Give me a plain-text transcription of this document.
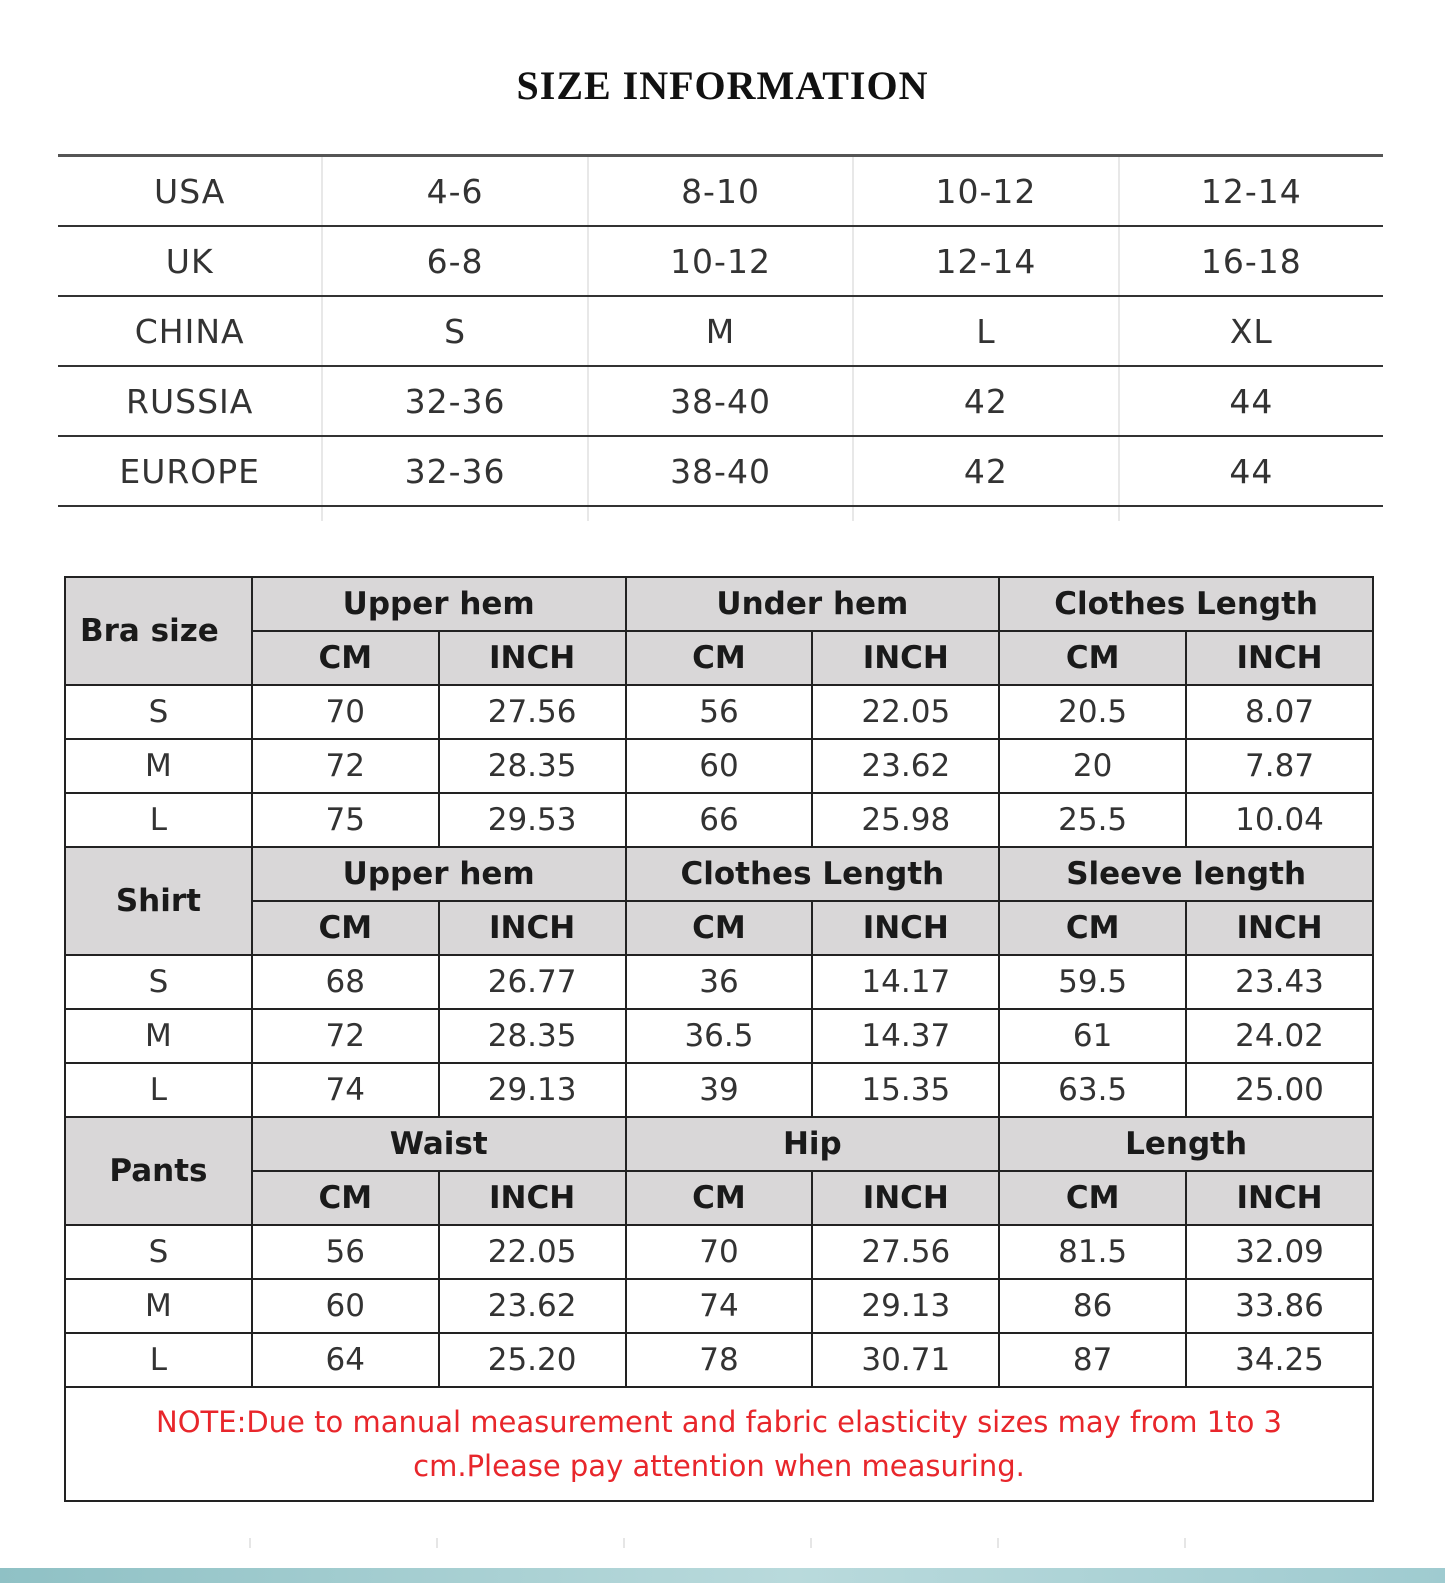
SIZE INFORMATION
USA	4-6	8-10	10-12	12-14
UK	6-8	10-12	12-14	16-18
CHINA	S	M	L	XL
RUSSIA	32-36	38-40	42	44
EUROPE	32-36	38-40	42	44
Bra size	Upper hem		Under hem		Clothes Length	
	CM	INCH	CM	INCH	CM	INCH
S	70	27.56	56	22.05	20.5	8.07
M	72	28.35	60	23.62	20	7.87
L	75	29.53	66	25.98	25.5	10.04
Shirt	Upper hem		Clothes Length		Sleeve length	
	CM	INCH	CM	INCH	CM	INCH
S	68	26.77	36	14.17	59.5	23.43
M	72	28.35	36.5	14.37	61	24.02
L	74	29.13	39	15.35	63.5	25.00
Pants	Waist		Hip		Length	
	CM	INCH	CM	INCH	CM	INCH
S	56	22.05	70	27.56	81.5	32.09
M	60	23.62	74	29.13	86	33.86
L	64	25.20	78	30.71	87	34.25
NOTE:Due to manual measurement and fabric elasticity sizes may from 1to 3 cm.Please pay attention when measuring.						
